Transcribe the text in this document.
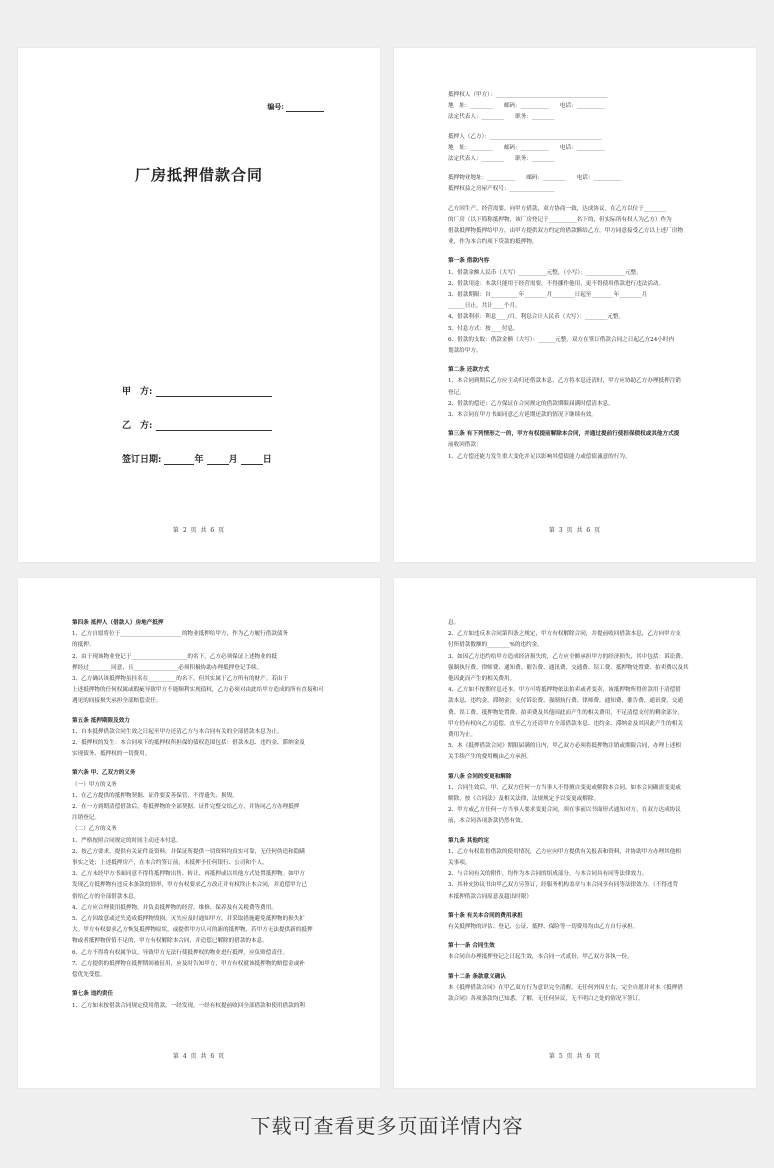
编号:
厂房抵押借款合同
甲　方:
乙　方:
签订日期:	年	月	日
第 2 页 共 6 页

抵押权人（甲方）：________________________________________

地　址：________　　邮码：__________　　电话：__________

法定代表人：________　　职务：________

抵押人（乙方）：________________________________________

地　址：________　　邮码：__________　　电话：__________

法定代表人：________　　职务：________

抵押物业地址：__________　　邮码：________　　电话：__________

抵押权益之房屋产权号：________________

乙方因生产、经营需要，向甲方借款，双方协商一致，达成协议。在乙方以位于________

的厂房（以下简称抵押物，该厂房登记于__________名下的，但实际所有权人为乙方）作为

借款抵押物抵押给甲方，由甲方提供双方约定的借款额给乙方，甲方同意接受乙方以上述厂房物

业，作为本合约项下贷款的抵押物。

第一条 借款内容

1、借款金额人民币（大写）__________元整，（小写）：______________元整。

2、借款用途：本款只能用于经营需要，不得挪作他用，更不得使用借款进行违法活动。

3、借款期限：自__________年________月________日起至________年________月

______日止，共计____个月。

4、借款利率：利息____/月，利息合计人民币（大写）：________元整。

5、付息方式：按____付息。

6、借款的支取：借款金额（大写）：______元整，双方在签订借款合同之日起乙方24小时内

划款给甲方。

第二条 还款方式

1、本合同到期后乙方应主动归还借款本息，乙方将本息还清时，甲方应协助乙方办理抵押注销

登记。

2、借款的偿还：乙方保证在合同规定的借款期限届满时偿清本息。

3、本合同在甲方书面同意乙方延期还款的情况下继续有效。

第三条 有下列情形之一的，甲方有权提前解除本合同，并通过提前行使担保债权或其他方式提

前收回借款：

1、乙方偿还能力发生重大变化并足以影响其偿债能力或偿债诚意的行为。

第 3 页 共 6 页

第四条 抵押人（借款人）房地产抵押

1、乙方自愿将位于______________________的物业抵押给甲方，作为乙方履行借款债务

的抵押。

2、由于现该物业登记于____________________的名下，乙方必须保证上述物业的抵

押经过________同意，且________________必须积极协助办理抵押登记手续。

3、乙方确认该抵押物虽挂名在__________的名下，但其实属于乙方所有的财产。若由于

上述抵押物的任何权属或瑕疵导致甲方不能顺利实现债权，乙方必须对由此给甲方造成的所有直接和可

遇见的间接损失承担全部赔偿责任。

第五条 抵押期限及效力

1、自本抵押借款合同生效之日起至甲方还清乙方与本合同有关的全部借款本息为止。

2、抵押权的发生：本合同项下的抵押权所担保的债权范围包括：借款本息、违约金、滞纳金及

实现债务、抵押权的一切费用。

第六条 甲、乙双方的义务

（一）甲方的义务

1、在乙方提供的抵押物契据、证件要妥善保管，不得遗失、损毁。

2、在一方到期清偿借款后，将抵押物的全部契据、证件完整交给乙方，并协同乙方办理抵押

注销登记。

（二）乙方的义务

1、严格按照合同规定的时间主动还本付息。

2、按乙方要求，提供有关证件及资料，并保证所提供一切资料均真实可靠，无任何伪造和隐瞒

事实之处；上述抵押房产，在本合约签订前，未抵押予任何银行、公司和个人。

3、乙方未经甲方书面同意不得将抵押物出售、转让、再抵押或以其他方式处置抵押物。如甲方

发现乙方抵押物有违反本条款的情形，甲方有权要求乙方改正并有权终止本合同，并追偿甲方已

借给乙方的全部借款本息。

4、乙方应合理使用抵押物，并负责抵押物的经营、维修、保养及有关税费等费用。

5、乙方因故意或过失造成抵押物毁损，灭失应及时通知甲方，并采取措施避免抵押物的损失扩

大。甲方有权要求乙方恢复抵押物原状，或提供甲方认可的新的抵押物，若甲方无法提供新的抵押

物或者抵押物价值不足的，甲方有权解除本合同，并追偿已解除的借款的本息。

6、乙方不得将有权属争议、导致甲方无法行使抵押权的物业进行抵押，应负赔偿责任。

7、乙方提供的抵押物在抵押期间被征用，应及时告知甲方，甲方有权就该抵押物的赔偿金或补

偿优先受偿。

第七条 违约责任

1、乙方如未按借款合同规定使用借款，一经发现，一经有权提前收回全部借款和使用借款的利

第 4 页 共 6 页

息。

2、乙方如违反本合同第四条之规定，甲方有权解除合同，并提前收回借款本息，乙方向甲方支

付所借款数额的________%的违约金。

3、如因乙方违约给甲方造成经济损失的，乙方应全额承担甲方的经济损失，其中包括：诉讼费、

强制执行费、律师费、通知费、催告费、通讯费、交通费、误工费、抵押物处置费、拍卖费以及其

他因此而产生的相关费用。

4、乙方如不按期付息还本，甲方可将抵押物依法拍卖或者变卖，该抵押物所得价款用于清偿借

款本息，违约金，滞纳金；支付诉讼费、强制执行费、律师费、通知费、催告费、通讯费、交通

费、误工费、抵押物处置费、拍卖费及其他因此而产生的相关费用，不足清偿支付的剩余部分，

甲方仍有权向乙方追偿，直至乙方还清甲方全部借款本息、违约金、滞纳金及其因此产生的相关

费用为止。

5、本《抵押借款合同》期限届满的日内，甲乙双方必须将抵押物注销或期限合同，办理上述相

关手续产生的费用概由乙方承担。

第八条 合同的变更和解除

1、合同生效后，甲、乙双方任何一方当事人不得擅自变更或解除本合同。如本合同确需变更或

解除，按《合同法》及相关法律，法规规定予以变更或解除。

2、甲方或乙方任何一方当事人要求变更合同，须在事前以书面形式通知对方，在双方达成协议

前，本合同各项条款仍然有效。

第九条 其他约定

1、乙方有权监督借款的使用情况，乙方应向甲方提供有关报表和资料，并协助甲方办理其他相

关事项。

2、与合同有关的附件，均作为本合同的组成部分，与本合同具有同等法律效力。

3、其补充协议书由甲乙双方另签订，经服务机构盖章与本合同享有同等法律效力。（不得违背

本抵押借款合同原意及超出时限）

第十条 有关本合同的费用承担

有关抵押物的评估、登记、公证、抵押、保险等一切费用均由乙方自行承担。

第十一条 合同生效

本合同自办理抵押登记之日起生效，本合同一式贰份，甲乙双方各执一份。

第十二条 条款意义确认

本《抵押借款合同》在甲乙双方行为意识完全清醒，无任何外因左右，完全自愿并对本《抵押借

款合同》各项条款均已知悉，了解，无任何异议，无不明白之处的情况下签订。

第 5 页 共 6 页
下载可查看更多页面详情内容
